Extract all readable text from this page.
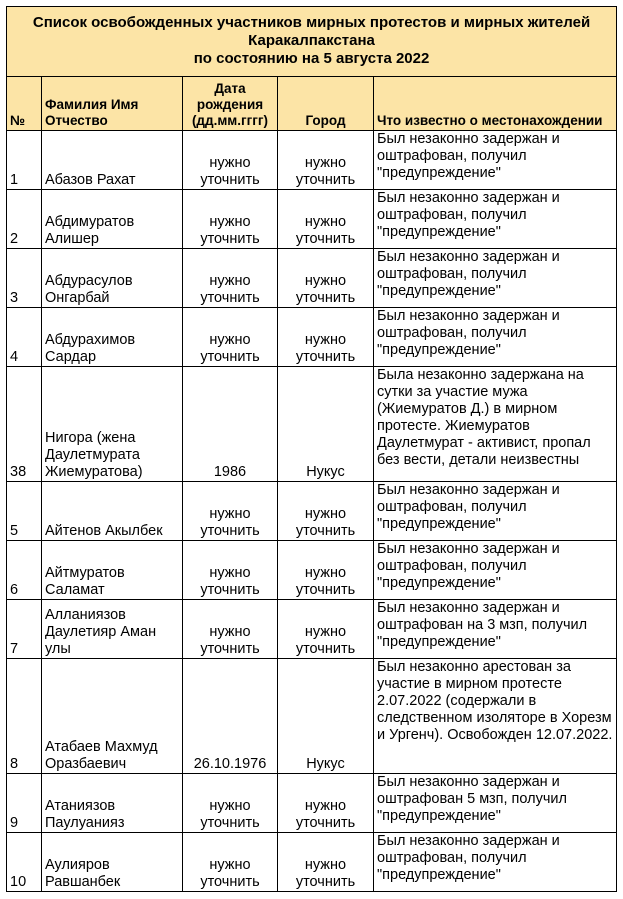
Список освобожденных участников мирных протестов и мирных жителей
Каракалпакстана
по состоянию на 5 августа 2022				

№	Фамилия Имя Отчество	Дата рождения (дд.мм.гггг)	Город	Что известно о местонахождении
1	Абазов Рахат	нужно уточнить	нужно уточнить	Был незаконно задержан и оштрафован, получил "предупреждение"
2	Абдимуратов Алишер	нужно уточнить	нужно уточнить	Был незаконно задержан и оштрафован, получил "предупреждение"
3	Абдурасулов Онгарбай	нужно уточнить	нужно уточнить	Был незаконно задержан и оштрафован, получил "предупреждение"
4	Абдурахимов Сардар	нужно уточнить	нужно уточнить	Был незаконно задержан и оштрафован, получил "предупреждение"
38	Нигора (жена Даулетмурата Жиемуратова)	1986	Нукус	Была незаконно задержана на сутки за участие мужа (Жиемуратов Д.) в мирном протесте. Жиемуратов Даулетмурат - активист, пропал без вести, детали неизвестны
5	Айтенов Акылбек	нужно уточнить	нужно уточнить	Был незаконно задержан и оштрафован, получил "предупреждение"
6	Айтмуратов Саламат	нужно уточнить	нужно уточнить	Был незаконно задержан и оштрафован, получил "предупреждение"
7	Алланиязов Даулетияр Аман улы	нужно уточнить	нужно уточнить	Был незаконно задержан и оштрафован на 3 мзп, получил "предупреждение"
8	Атабаев Махмуд Оразбаевич	26.10.1976	Нукус	Был незаконно арестован за участие в мирном протесте 2.07.2022 (содержали в следственном изоляторе в Хорезм и Ургенч). Освобожден 12.07.2022.
9	Атаниязов Паулуанияз	нужно уточнить	нужно уточнить	Был незаконно задержан и оштрафован 5 мзп, получил "предупреждение"
10	Аулияров Равшанбек	нужно уточнить	нужно уточнить	Был незаконно задержан и оштрафован, получил "предупреждение"
